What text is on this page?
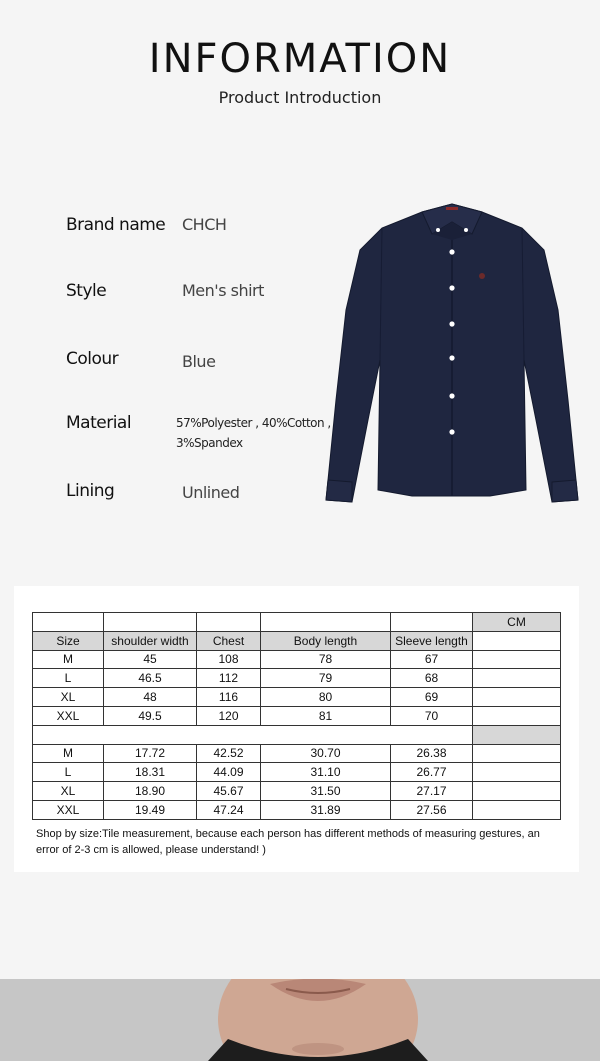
INFORMATION
Product Introduction
Brand name CHCH
Style	Men's shirt
Colour	Blue
Material	57%Polyester , 40%Cotton , 3%Spandex
Lining	Unlined
					CM
Size	shoulder width	Chest	Body length	Sleeve length	
M	45	108	78	67	
L	46.5	112	79	68	
XL	48	116	80	69	
XXL	49.5	120	81	70	

M	17.72	42.52	30.70	26.38	
L	18.31	44.09	31.10	26.77	
XL	18.90	45.67	31.50	27.17	
XXL	19.49	47.24	31.89	27.56	
Shop by size:Tile measurement, because each person has different methods of measuring gestures, an error of 2-3 cm is allowed, please understand! )
